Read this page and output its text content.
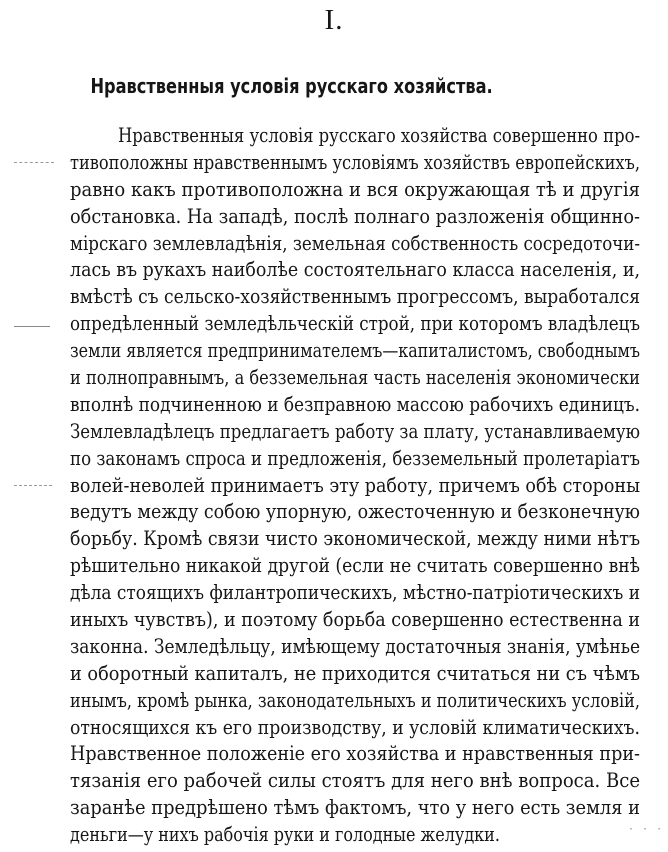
I.
Нравственныя условія русскаго хозяйства.
Нравственныя условія русскаго хозяйства совершенно про-
тивоположны нравственнымъ условіямъ хозяйствъ европейскихъ,
равно какъ противоположна и вся окружающая тѣ и другія
обстановка. На западѣ, послѣ полнаго разложенія общинно-
мірскаго землевладѣнія, земельная собственность сосредоточи-
лась въ рукахъ наиболѣе состоятельнаго класса населенія, и,
вмѣстѣ съ сельско-хозяйственнымъ прогрессомъ, выработался
опредѣленный земледѣльческій строй, при которомъ владѣлецъ
земли является предпринимателемъ—капиталистомъ, свободнымъ
и полноправнымъ, а безземельная часть населенія экономически
вполнѣ подчиненною и безправною массою рабочихъ единицъ.
Землевладѣлецъ предлагаетъ работу за плату, устанавливаемую
по законамъ спроса и предложенія, безземельный пролетаріатъ
волей-неволей принимаетъ эту работу, причемъ обѣ стороны
ведутъ между собою упорную, ожесточенную и безконечную
борьбу. Кромѣ связи чисто экономической, между ними нѣтъ
рѣшительно никакой другой (если не считать совершенно внѣ
дѣла стоящихъ филантропическихъ, мѣстно-патріотическихъ и
иныхъ чувствъ), и поэтому борьба совершенно естественна и
законна. Земледѣльцу, имѣющему достаточныя знанія, умѣнье
и оборотный капиталъ, не приходится считаться ни съ чѣмъ
инымъ, кромѣ рынка, законодательныхъ и политическихъ условій,
относящихся къ его производству, и условій климатическихъ.
Нравственное положеніе его хозяйства и нравственныя при-
тязанія его рабочей силы стоятъ для него внѣ вопроса. Все
заранѣе предрѣшено тѣмъ фактомъ, что у него есть земля и
деньги—у нихъ рабочія руки и голодные желудки.	· · ·
